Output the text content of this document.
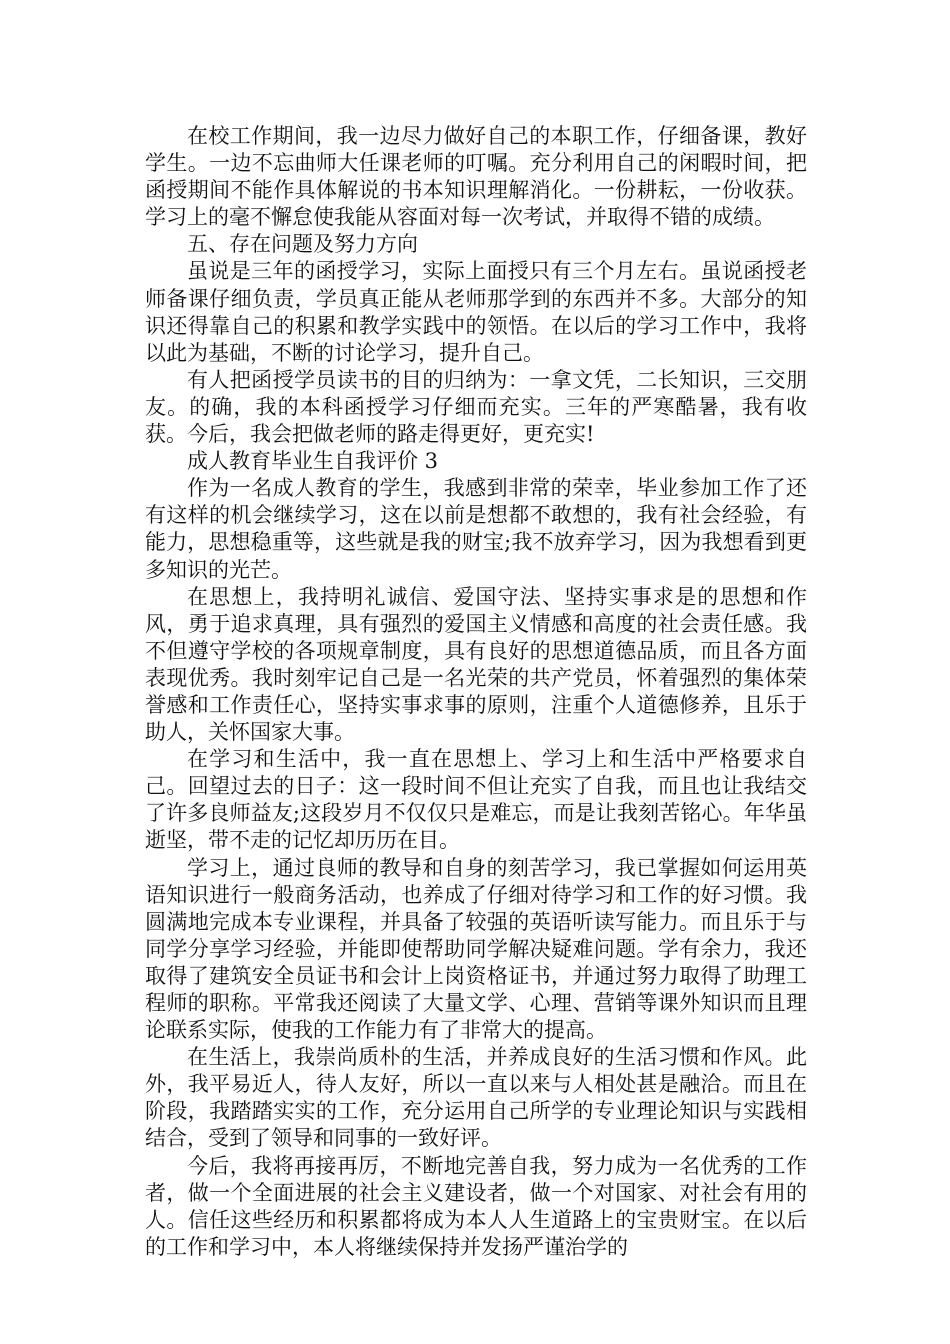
在校工作期间，我一边尽力做好自己的本职工作，仔细备课，教好学生。一边不忘曲师大任课老师的叮嘱。充分利用自己的闲暇时间，把函授期间不能作具体解说的书本知识理解消化。一份耕耘，一份收获。学习上的毫不懈怠使我能从容面对每一次考试，并取得不错的成绩。

五、存在问题及努力方向

虽说是三年的函授学习，实际上面授只有三个月左右。虽说函授老师备课仔细负责，学员真正能从老师那学到的东西并不多。大部分的知识还得靠自己的积累和教学实践中的领悟。在以后的学习工作中，我将以此为基础，不断的讨论学习，提升自己。

有人把函授学员读书的目的归纳为：一拿文凭，二长知识，三交朋友。的确，我的本科函授学习仔细而充实。三年的严寒酷暑，我有收获。今后，我会把做老师的路走得更好，更充实!

成人教育毕业生自我评价 3

作为一名成人教育的学生，我感到非常的荣幸，毕业参加工作了还有这样的机会继续学习，这在以前是想都不敢想的，我有社会经验，有能力，思想稳重等，这些就是我的财宝;我不放弃学习，因为我想看到更多知识的光芒。

在思想上，我持明礼诚信、爱国守法、坚持实事求是的思想和作风，勇于追求真理，具有强烈的爱国主义情感和高度的社会责任感。我不但遵守学校的各项规章制度，具有良好的思想道德品质，而且各方面表现优秀。我时刻牢记自己是一名光荣的共产党员，怀着强烈的集体荣誉感和工作责任心，坚持实事求事的原则，注重个人道德修养，且乐于助人，关怀国家大事。

在学习和生活中，我一直在思想上、学习上和生活中严格要求自己。回望过去的日子：这一段时间不但让充实了自我，而且也让我结交了许多良师益友;这段岁月不仅仅只是难忘，而是让我刻苦铭心。年华虽逝坚，带不走的记忆却历历在目。

学习上，通过良师的教导和自身的刻苦学习，我已掌握如何运用英语知识进行一般商务活动，也养成了仔细对待学习和工作的好习惯。我圆满地完成本专业课程，并具备了较强的英语听读写能力。而且乐于与同学分享学习经验，并能即使帮助同学解决疑难问题。学有余力，我还取得了建筑安全员证书和会计上岗资格证书，并通过努力取得了助理工程师的职称。平常我还阅读了大量文学、心理、营销等课外知识而且理论联系实际，使我的工作能力有了非常大的提高。

在生活上，我崇尚质朴的生活，并养成良好的生活习惯和作风。此外，我平易近人，待人友好，所以一直以来与人相处甚是融洽。而且在阶段，我踏踏实实的工作，充分运用自己所学的专业理论知识与实践相结合，受到了领导和同事的一致好评。

今后，我将再接再厉，不断地完善自我，努力成为一名优秀的工作者，做一个全面进展的社会主义建设者，做一个对国家、对社会有用的人。信任这些经历和积累都将成为本人人生道路上的宝贵财宝。在以后的工作和学习中，本人将继续保持并发扬严谨治学的
